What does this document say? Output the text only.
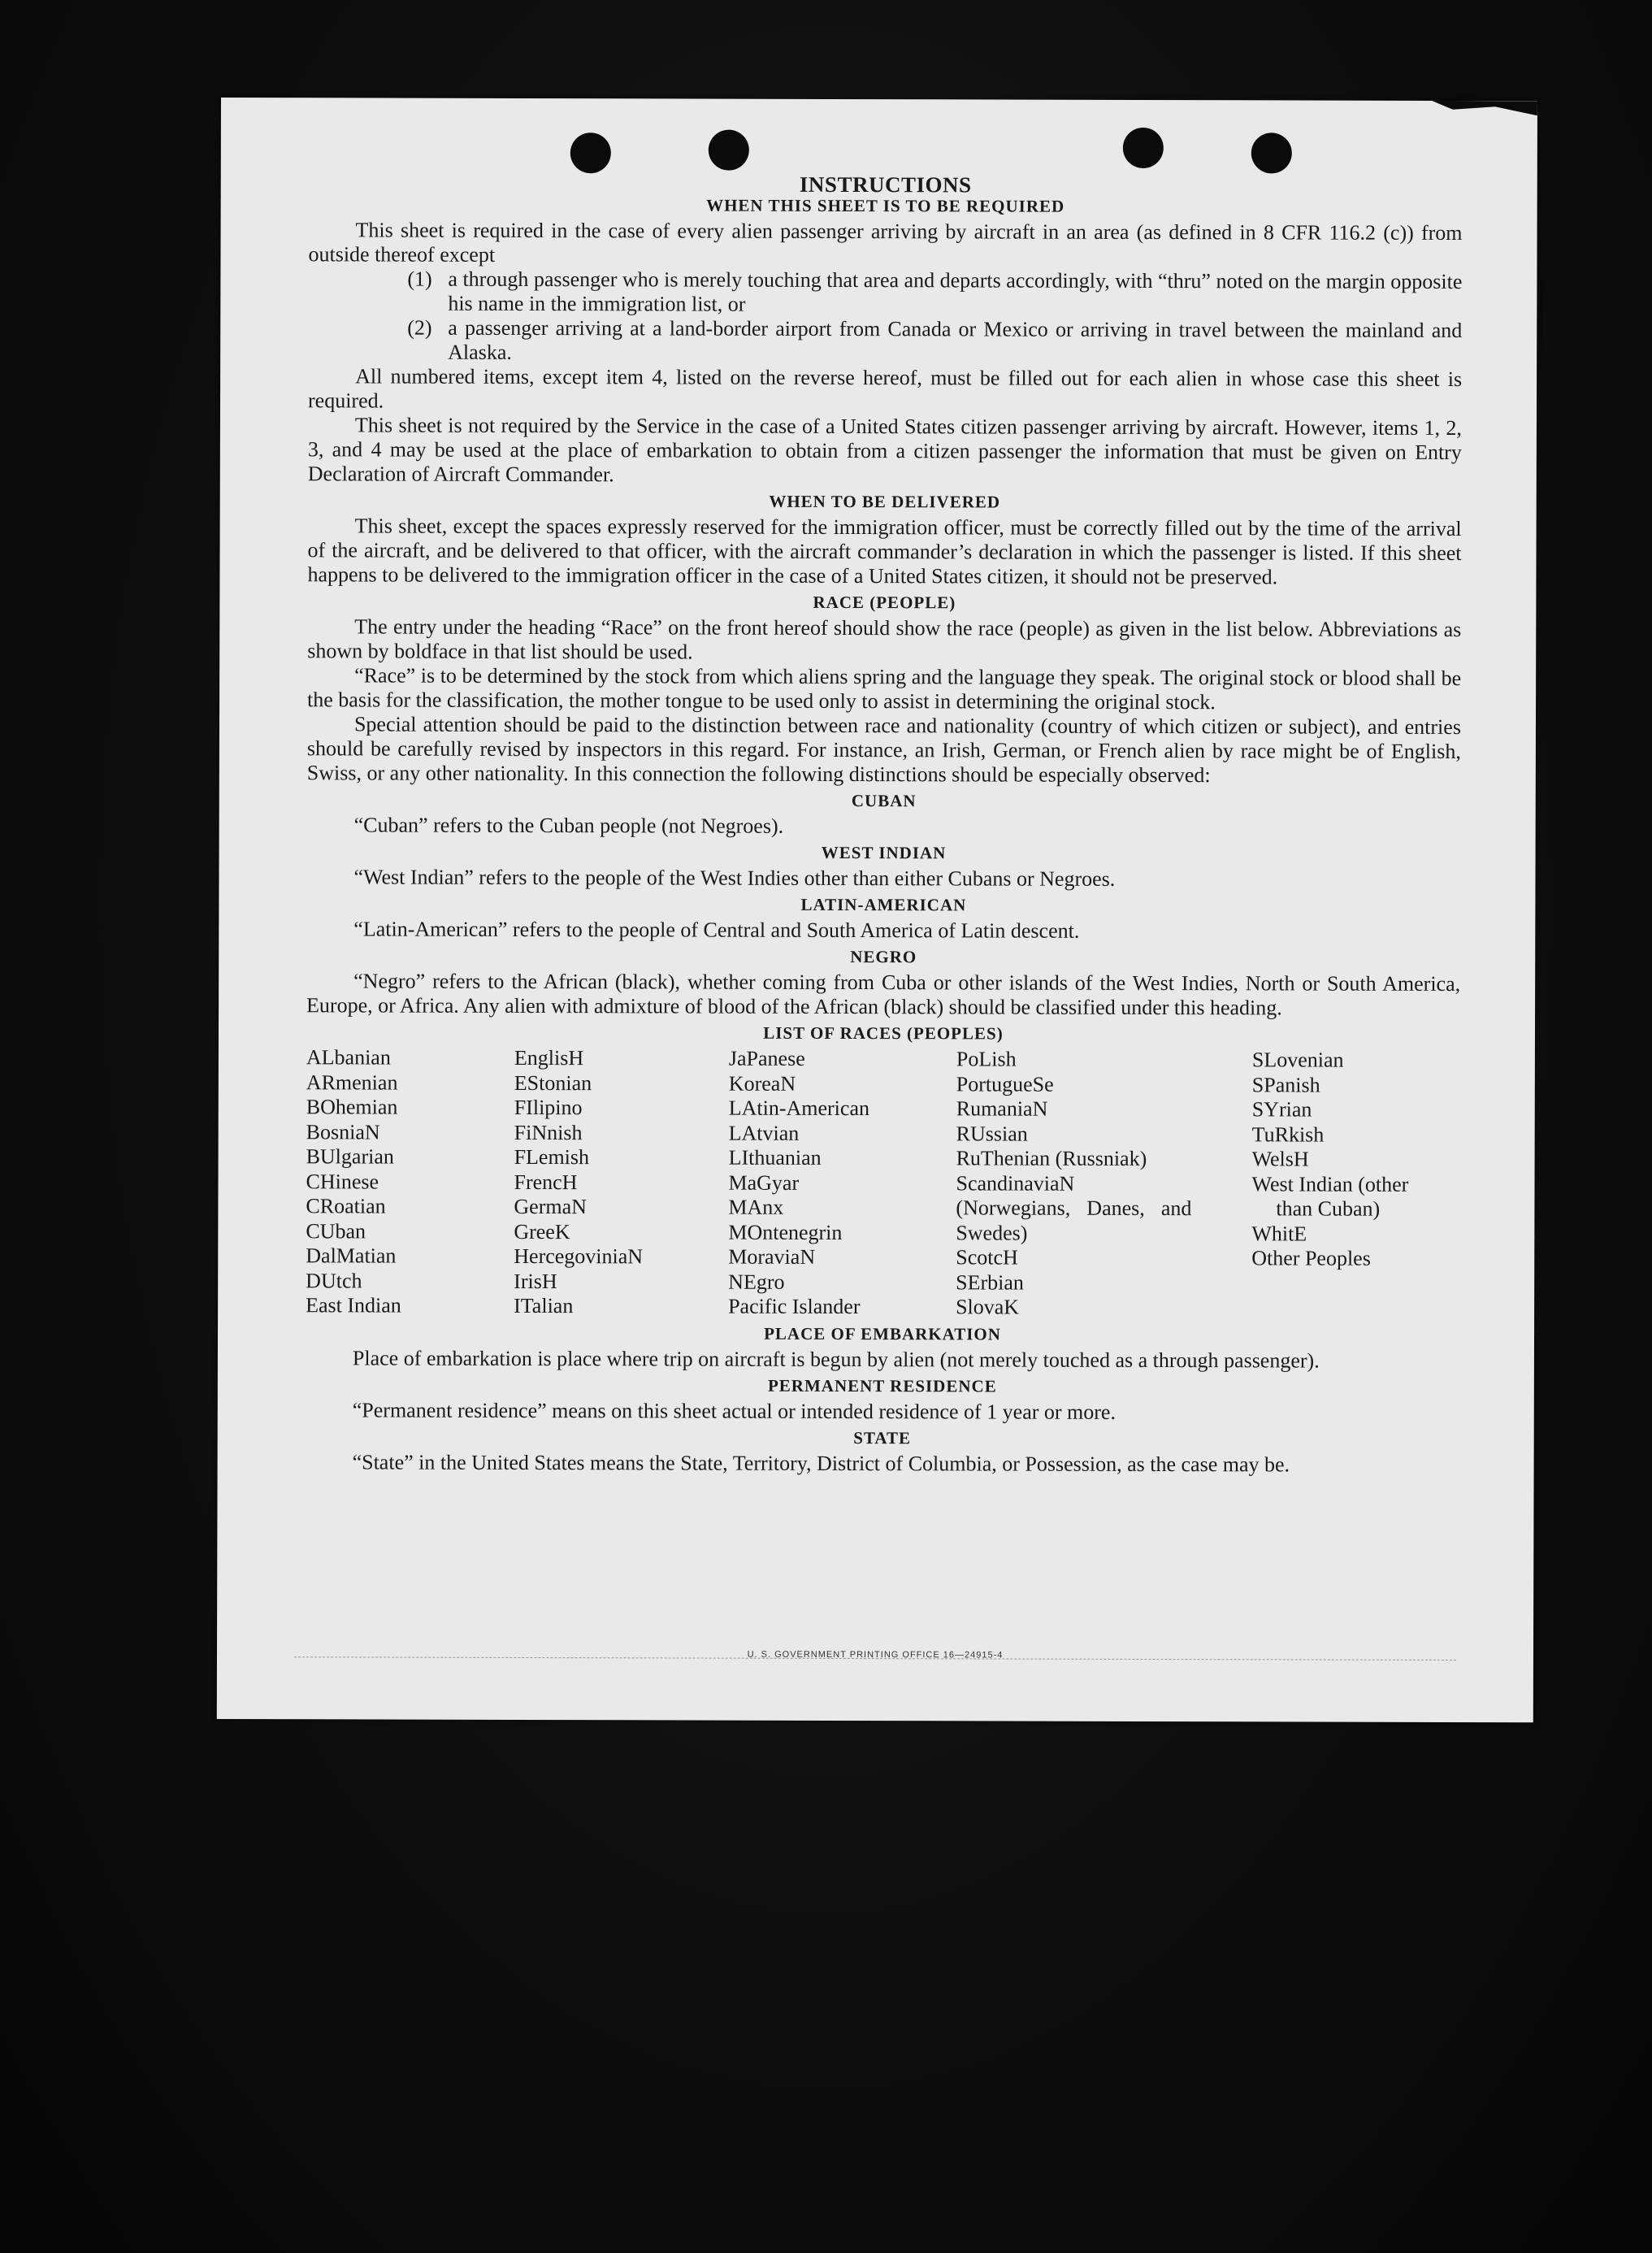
INSTRUCTIONS
WHEN THIS SHEET IS TO BE REQUIRED

This sheet is required in the case of every alien passenger arriving by aircraft in an area (as defined in 8 CFR 116.2 (c)) from outside thereof except

(1) a through passenger who is merely touching that area and departs accordingly, with “thru” noted on the margin opposite his name in the immigration list, or
(2) a passenger arriving at a land-border airport from Canada or Mexico or arriving in travel between the mainland and Alaska.

All numbered items, except item 4, listed on the reverse hereof, must be filled out for each alien in whose case this sheet is required.

This sheet is not required by the Service in the case of a United States citizen passenger arriving by aircraft. However, items 1, 2, 3, and 4 may be used at the place of embarkation to obtain from a citizen passenger the information that must be given on Entry Declaration of Aircraft Commander.

WHEN TO BE DELIVERED

This sheet, except the spaces expressly reserved for the immigration officer, must be correctly filled out by the time of the arrival of the aircraft, and be delivered to that officer, with the aircraft commander’s declaration in which the passenger is listed. If this sheet happens to be delivered to the immigration officer in the case of a United States citizen, it should not be preserved.

RACE (PEOPLE)

The entry under the heading “Race” on the front hereof should show the race (people) as given in the list below. Abbreviations as shown by boldface in that list should be used.

“Race” is to be determined by the stock from which aliens spring and the language they speak. The original stock or blood shall be the basis for the classification, the mother tongue to be used only to assist in determining the original stock.

Special attention should be paid to the distinction between race and nationality (country of which citizen or subject), and entries should be carefully revised by inspectors in this regard. For instance, an Irish, German, or French alien by race might be of English, Swiss, or any other nationality. In this connection the following distinctions should be especially observed:

CUBAN

“Cuban” refers to the Cuban people (not Negroes).

WEST INDIAN

“West Indian” refers to the people of the West Indies other than either Cubans or Negroes.

LATIN-AMERICAN

“Latin-American” refers to the people of Central and South America of Latin descent.

NEGRO

“Negro” refers to the African (black), whether coming from Cuba or other islands of the West Indies, North or South America, Europe, or Africa. Any alien with admixture of blood of the African (black) should be classified under this heading.

LIST OF RACES (PEOPLES)
ALbanian
ARmenian
BOhemian
BosniaN
BUlgarian
CHinese
CRoatian
CUban
DalMatian
DUtch
East Indian
EnglisH
EStonian
FIlipino
FiNnish
FLemish
FrencH
GermaN
GreeK
HercegoviniaN
IrisH
ITalian
JaPanese
KoreaN
LAtin-American
LAtvian
LIthuanian
MaGyar
MAnx
MOntenegrin
MoraviaN
NEgro
Pacific Islander
PoLish
PortugueSe
RumaniaN
RUssian
RuThenian (Russniak)
ScandinaviaN (Norwegians, Danes, and Swedes)
ScotcH
SErbian
SlovaK
SLovenian
SPanish
SYrian
TuRkish
WelsH
West Indian (other
than Cuban)
WhitE
Other Peoples
PLACE OF EMBARKATION

Place of embarkation is place where trip on aircraft is begun by alien (not merely touched as a through passenger).

PERMANENT RESIDENCE

“Permanent residence” means on this sheet actual or intended residence of 1 year or more.

STATE

“State” in the United States means the State, Territory, District of Columbia, or Possession, as the case may be.

U. S. GOVERNMENT PRINTING OFFICE 16—24915-4
